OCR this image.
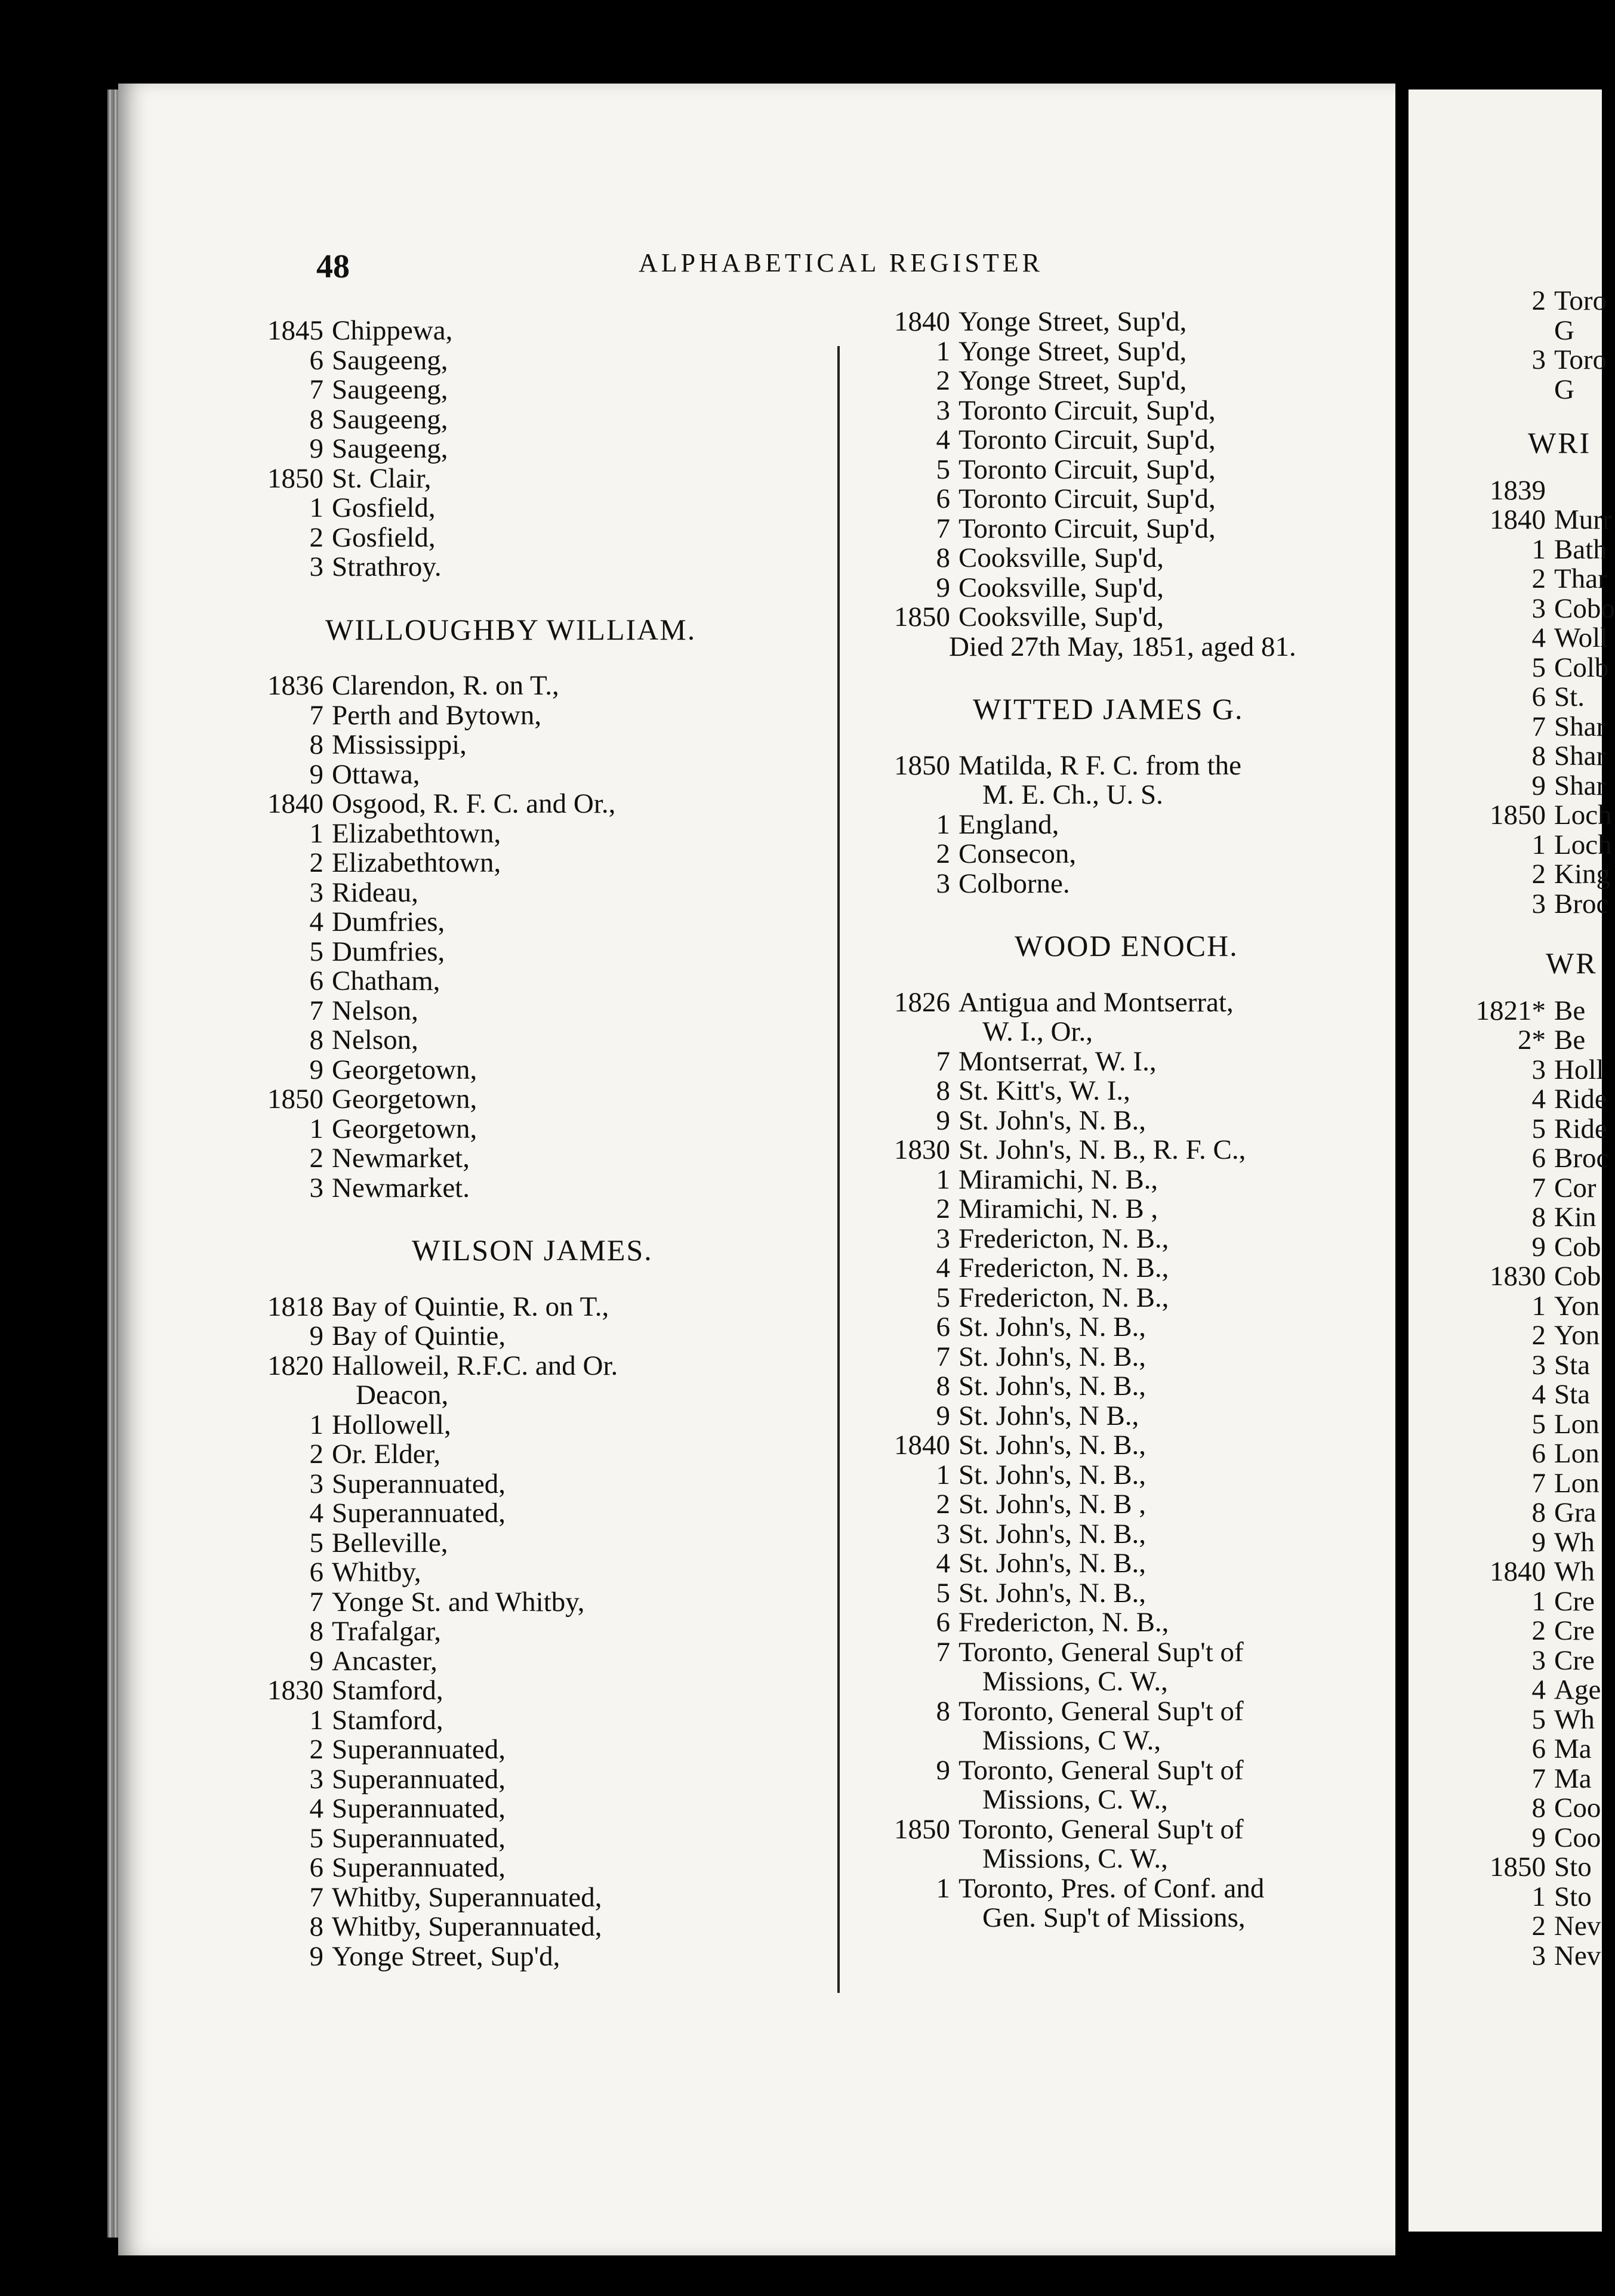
48	ALPHABETICAL REGISTER
1845 Chippewa,
6 Saugeeng,
7 Saugeeng,
8 Saugeeng,
9 Saugeeng,
1850 St. Clair,
1 Gosfield,
2 Gosfield,
3 Strathroy.
WILLOUGHBY WILLIAM.
1836 Clarendon, R. on T.,
7 Perth and Bytown,
8 Mississippi,
9 Ottawa,
1840 Osgood, R. F. C. and Or.,
1 Elizabethtown,
2 Elizabethtown,
3 Rideau,
4 Dumfries,
5 Dumfries,
6 Chatham,
7 Nelson,
8 Nelson,
9 Georgetown,
1850 Georgetown,
1 Georgetown,
2 Newmarket,
3 Newmarket.
WILSON JAMES.
1818 Bay of Quintie, R. on T.,
9 Bay of Quintie,
1820 Halloweil, R.F.C. and Or.
Deacon,
1 Hollowell,
2 Or. Elder,
3 Superannuated,
4 Superannuated,
5 Belleville,
6 Whitby,
7 Yonge St. and Whitby,
8 Trafalgar,
9 Ancaster,
1830 Stamford,
1 Stamford,
2 Superannuated,
3 Superannuated,
4 Superannuated,
5 Superannuated,
6 Superannuated,
7 Whitby, Superannuated,
8 Whitby, Superannuated,
9 Yonge Street, Sup'd,
1840 Yonge Street, Sup'd,
1 Yonge Street, Sup'd,
2 Yonge Street, Sup'd,
3 Toronto Circuit, Sup'd,
4 Toronto Circuit, Sup'd,
5 Toronto Circuit, Sup'd,
6 Toronto Circuit, Sup'd,
7 Toronto Circuit, Sup'd,
8 Cooksville, Sup'd,
9 Cooksville, Sup'd,
1850 Cooksville, Sup'd,
Died 27th May, 1851, aged 81.
WITTED JAMES G.
1850 Matilda, R F. C. from the
M. E. Ch., U. S.
1 England,
2 Consecon,
3 Colborne.
WOOD ENOCH.
1826 Antigua and Montserrat,
W. I., Or.,
7 Montserrat, W. I.,
8 St. Kitt's, W. I.,
9 St. John's, N. B.,
1830 St. John's, N. B., R. F. C.,
1 Miramichi, N. B.,
2 Miramichi, N. B ,
3 Fredericton, N. B.,
4 Fredericton, N. B.,
5 Fredericton, N. B.,
6 St. John's, N. B.,
7 St. John's, N. B.,
8 St. John's, N. B.,
9 St. John's, N B.,
1840 St. John's, N. B.,
1 St. John's, N. B.,
2 St. John's, N. B ,
3 St. John's, N. B.,
4 St. John's, N. B.,
5 St. John's, N. B.,
6 Fredericton, N. B.,
7 Toronto, General Sup't of
Missions, C. W.,
8 Toronto, General Sup't of
Missions, C W.,
9 Toronto, General Sup't of
Missions, C. W.,
1850 Toronto, General Sup't of
Missions, C. W.,
1 Toronto, Pres. of Conf. and
Gen. Sup't of Missions,
2 Toro
G
3 Toro
G
WRI
1839
1840 Murr
1 Bath
2 Thar
3 Cobo
4 Woll
5 Colb
6 St.
7 Shar
8 Shar
9 Shar
1850 Loch
1 Loch
2 King
3 Broc
WR
1821* Be
2* Be
3 Holl
4 Ride
5 Ride
6 Broc
7 Cor
8 Kin
9 Cob
1830 Cob
1 Yon
2 Yon
3 Sta
4 Sta
5 Lon
6 Lon
7 Lon
8 Gra
9 Wh
1840 Wh
1 Cre
2 Cre
3 Cre
4 Age
5 Wh
6 Ma
7 Ma
8 Coo
9 Coo
1850 Sto
1 Sto
2 Nev
3 Nev
